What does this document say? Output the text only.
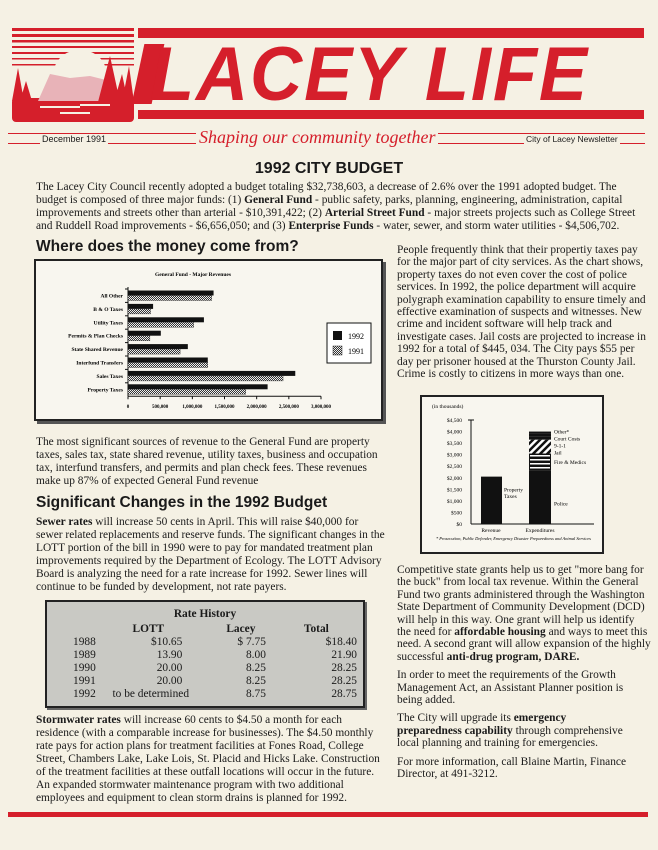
LACEY LIFE
December 1991	Shaping our community together	City of Lacey Newsletter
1992 CITY BUDGET

The Lacey City Council recently adopted a budget totaling $32,738,603, a decrease of 2.6% over the 1991 adopted budget. The budget is composed of three major funds: (1) General Fund - public safety, parks, planning, engineering, administration, capital improvements and streets other than arterial - $10,391,422; (2) Arterial Street Fund - major streets projects such as College Street and Ruddell Road improvements - $6,656,050; and (3) Enterprise Funds - water, sewer, and storm water utilities - $4,506,702.

Where does the money come from?
General Fund - Major Revenues
All Other
B & O Taxes
Utility Taxes
Permits & Plan Checks
State Shared Revenue
Interfund Transfers
Sales Taxes
Property Taxes
0	500,000	1,000,000 1,500,000 2,000,000 2,500,000 3,000,000
1992
1991

The most significant sources of revenue to the General Fund are property taxes, sales tax, state shared revenue, utility taxes, business and occupation tax, interfund transfers, and permits and plan check fees. These revenues make up 87% of expected General Fund revenue

Significant Changes in the 1992 Budget

Sewer rates will increase 50 cents in April. This will raise $40,000 for sewer related replacements and reserve funds. The significant changes in the LOTT portion of the bill in 1990 were to pay for mandated treatment plan improvements required by the Department of Ecology. The LOTT Advisory Board is analyzing the need for a rate increase for 1992. Sewer lines will continue to be funded by development, not rate payers.

Rate History
	LOTT	Lacey	Total
1988	$10.65	$ 7.75	$18.40
1989	13.90	8.00	21.90
1990	20.00	8.25	28.25
1991	20.00	8.25	28.25
1992	to be determined	8.75	28.75

Stormwater rates will increase 60 cents to $4.50 a month for each residence (with a comparable increase for businesses). The $4.50 monthly rate pays for action plans for treatment facilities at Fones Road, College Street, Chambers Lake, Lake Lois, St. Placid and Hicks Lake. Construction of the treatment facilities at these outfall locations will occur in the future. An expanded stormwater maintenance program with two additional employees and equipment to clean storm drains is planned for 1992.

People frequently think that their propertiy taxes pay for the major part of city services. As the chart shows, property taxes do not even cover the cost of police services. In 1992, the police department will acquire polygraph examination capability to ensure timely and effective examination of suspects and witnesses. New crime and incident software will help track and investigate cases. Jail costs are projected to increase in 1992 for a total of $445, 034. The City pays $55 per day per prisoner housed at the Thurston County Jail. Crime is costly to citizens in more ways than one.

(in thousands)
$0
$500
$1,000
$1,500
$2,000
$2,500
$3,000
$3,500
$4,000
$4,500
Property Taxes
Police
Fire & Medics
Jail
9-1-1
Court Costs
Other*
Revenue	Expenditures
* Prosecution, Public Defender, Emergency Disaster Preparedness and Animal Services

Competitive state grants help us to get "more bang for the buck" from local tax revenue. Within the General Fund two grants administered through the Washington State Department of Community Development (DCD) will help in this way. One grant will help us identify the need for affordable housing and ways to meet this need. A second grant will allow expansion of the highly successful anti-drug program, DARE.

In order to meet the requirements of the Growth Management Act, an Assistant Planner position is being added.

The City will upgrade its emergency preparedness capability through comprehensive local planning and training for emergencies.

For more information, call Blaine Martin, Finance Director, at 491-3212.
